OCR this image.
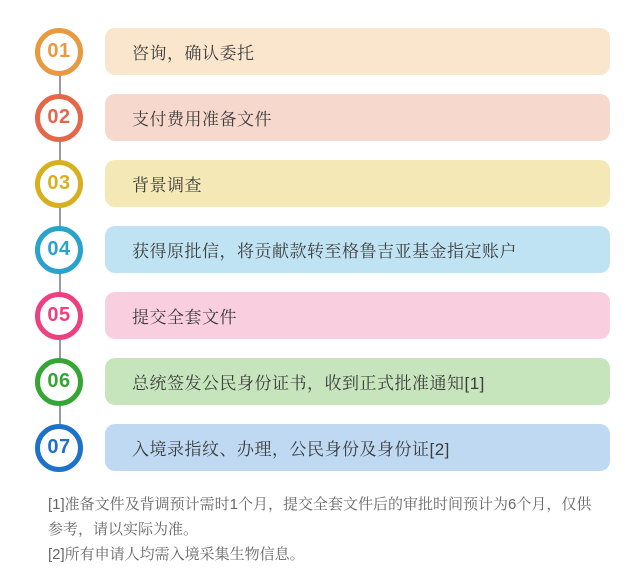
01	咨询，确认委托
02	支付费用准备文件
03	背景调查
04	获得原批信，将贡献款转至格鲁吉亚基金指定账户
05	提交全套文件
06	总统签发公民身份证书，收到正式批准通知[1]
07	入境录指纹、办理，公民身份及身份证[2]
[1]准备文件及背调预计需时1个月，提交全套文件后的审批时间预计为6个月，仅供
参考，请以实际为准。
[2]所有申请人均需入境采集生物信息。
